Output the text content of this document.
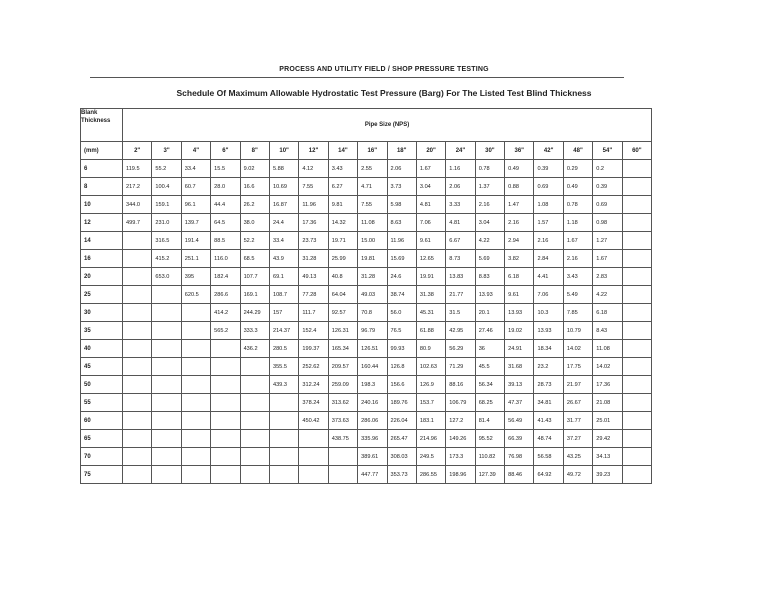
PROCESS AND UTILITY FIELD / SHOP PRESSURE TESTING
Schedule Of Maximum Allowable Hydrostatic Test Pressure (Barg) For The Listed Test Blind Thickness
Blank
Thickness	Pipe Size (NPS)																	
(mm)	2"	3"	4"	6"	8"	10"	12"	14"	16"	18"	20"	24"	30"	36"	42"	48"	54"	60"
6	119.5	55.2	33.4	15.5	9.02	5.88	4.12	3.43	2.55	2.06	1.67	1.16	0.78	0.49	0.39	0.29	0.2	
8	217.2	100.4	60.7	28.0	16.6	10.69	7.55	6.27	4.71	3.73	3.04	2.06	1.37	0.88	0.69	0.49	0.39	
10	344.0	159.1	96.1	44.4	26.2	16.87	11.96	9.81	7.55	5.98	4.81	3.33	2.16	1.47	1.08	0.78	0.69	
12	499.7	231.0	139.7	64.5	38.0	24.4	17.36	14.32	11.08	8.63	7.06	4.81	3.04	2.16	1.57	1.18	0.98	
14		316.5	191.4	88.5	52.2	33.4	23.73	19.71	15.00	11.96	9.61	6.67	4.22	2.94	2.16	1.67	1.27	
16		415.2	251.1	116.0	68.5	43.9	31.28	25.99	19.81	15.69	12.65	8.73	5.69	3.82	2.84	2.16	1.67	
20		653.0	395	182.4	107.7	69.1	49.13	40.8	31.28	24.6	19.91	13.83	8.83	6.18	4.41	3.43	2.83	
25			620.5	286.6	169.1	108.7	77.28	64.04	49.03	38.74	31.38	21.77	13.93	9.61	7.06	5.49	4.22	
30				414.2	244.29	157	111.7	92.57	70.8	56.0	45.31	31.5	20.1	13.93	10.3	7.85	6.18	
35				565.2	333.3	214.37	152.4	126.31	96.79	76.5	61.88	42.95	27.46	19.02	13.93	10.79	8.43	
40					436.2	280.5	199.37	165.34	126.51	99.93	80.9	56.29	36	24.91	18.34	14.02	11.08	
45						355.5	252.62	209.57	160.44	126.8	102.63	71.29	45.5	31.68	23.2	17.75	14.02	
50						439.3	312.24	259.09	198.3	156.6	126.9	88.16	56.34	39.13	28.73	21.97	17.36	
55							378.24	313.62	240.16	189.76	153.7	106.79	68.25	47.37	34.81	26.67	21.08	
60							450.42	373.63	286.06	226.04	183.1	127.2	81.4	56.49	41.43	31.77	25.01	
65								438.75	335.96	265.47	214.96	149.26	95.52	66.39	48.74	37.27	29.42	
70									389.61	308.03	249.5	173.3	110.82	76.98	56.58	43.25	34.13	
75									447.77	353.73	286.55	198.96	127.39	88.46	64.92	49.72	39.23	
